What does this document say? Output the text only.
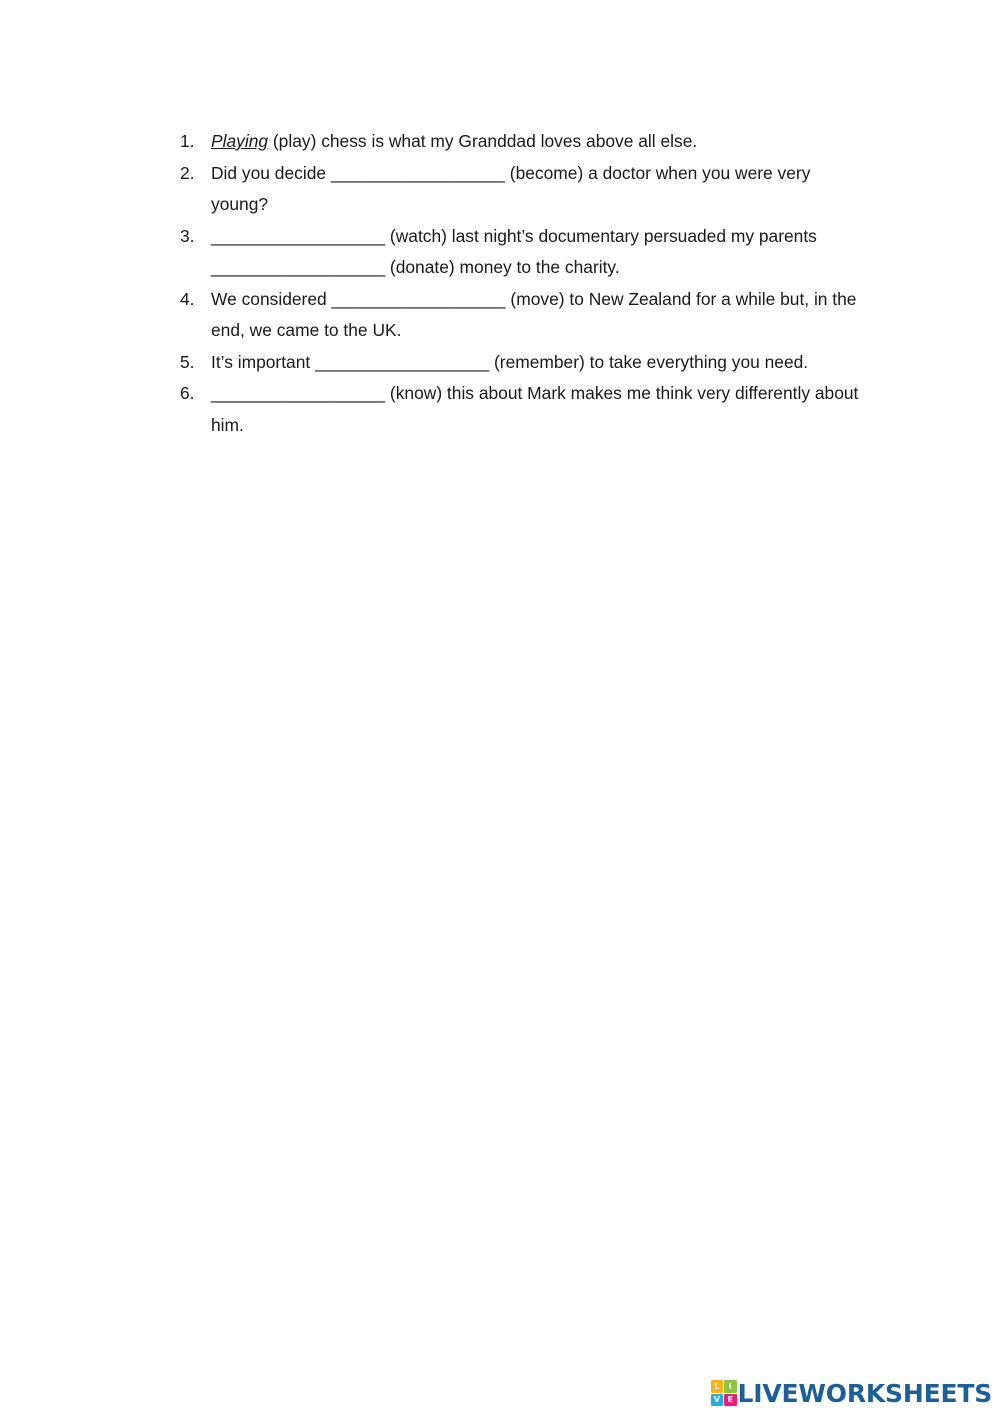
1. Playing (play) chess is what my Granddad loves above all else.
2. Did you decide __________________ (become) a doctor when you were very young?
3. __________________ (watch) last night’s documentary persuaded my parents __________________ (donate) money to the charity.
4. We considered __________________ (move) to New Zealand for a while but, in the end, we came to the UK.
5. It’s important __________________ (remember) to take everything you need.
6. __________________ (know) this about Mark makes me think very differently about him.
L	I
V E LIVEWORKSHEETS
